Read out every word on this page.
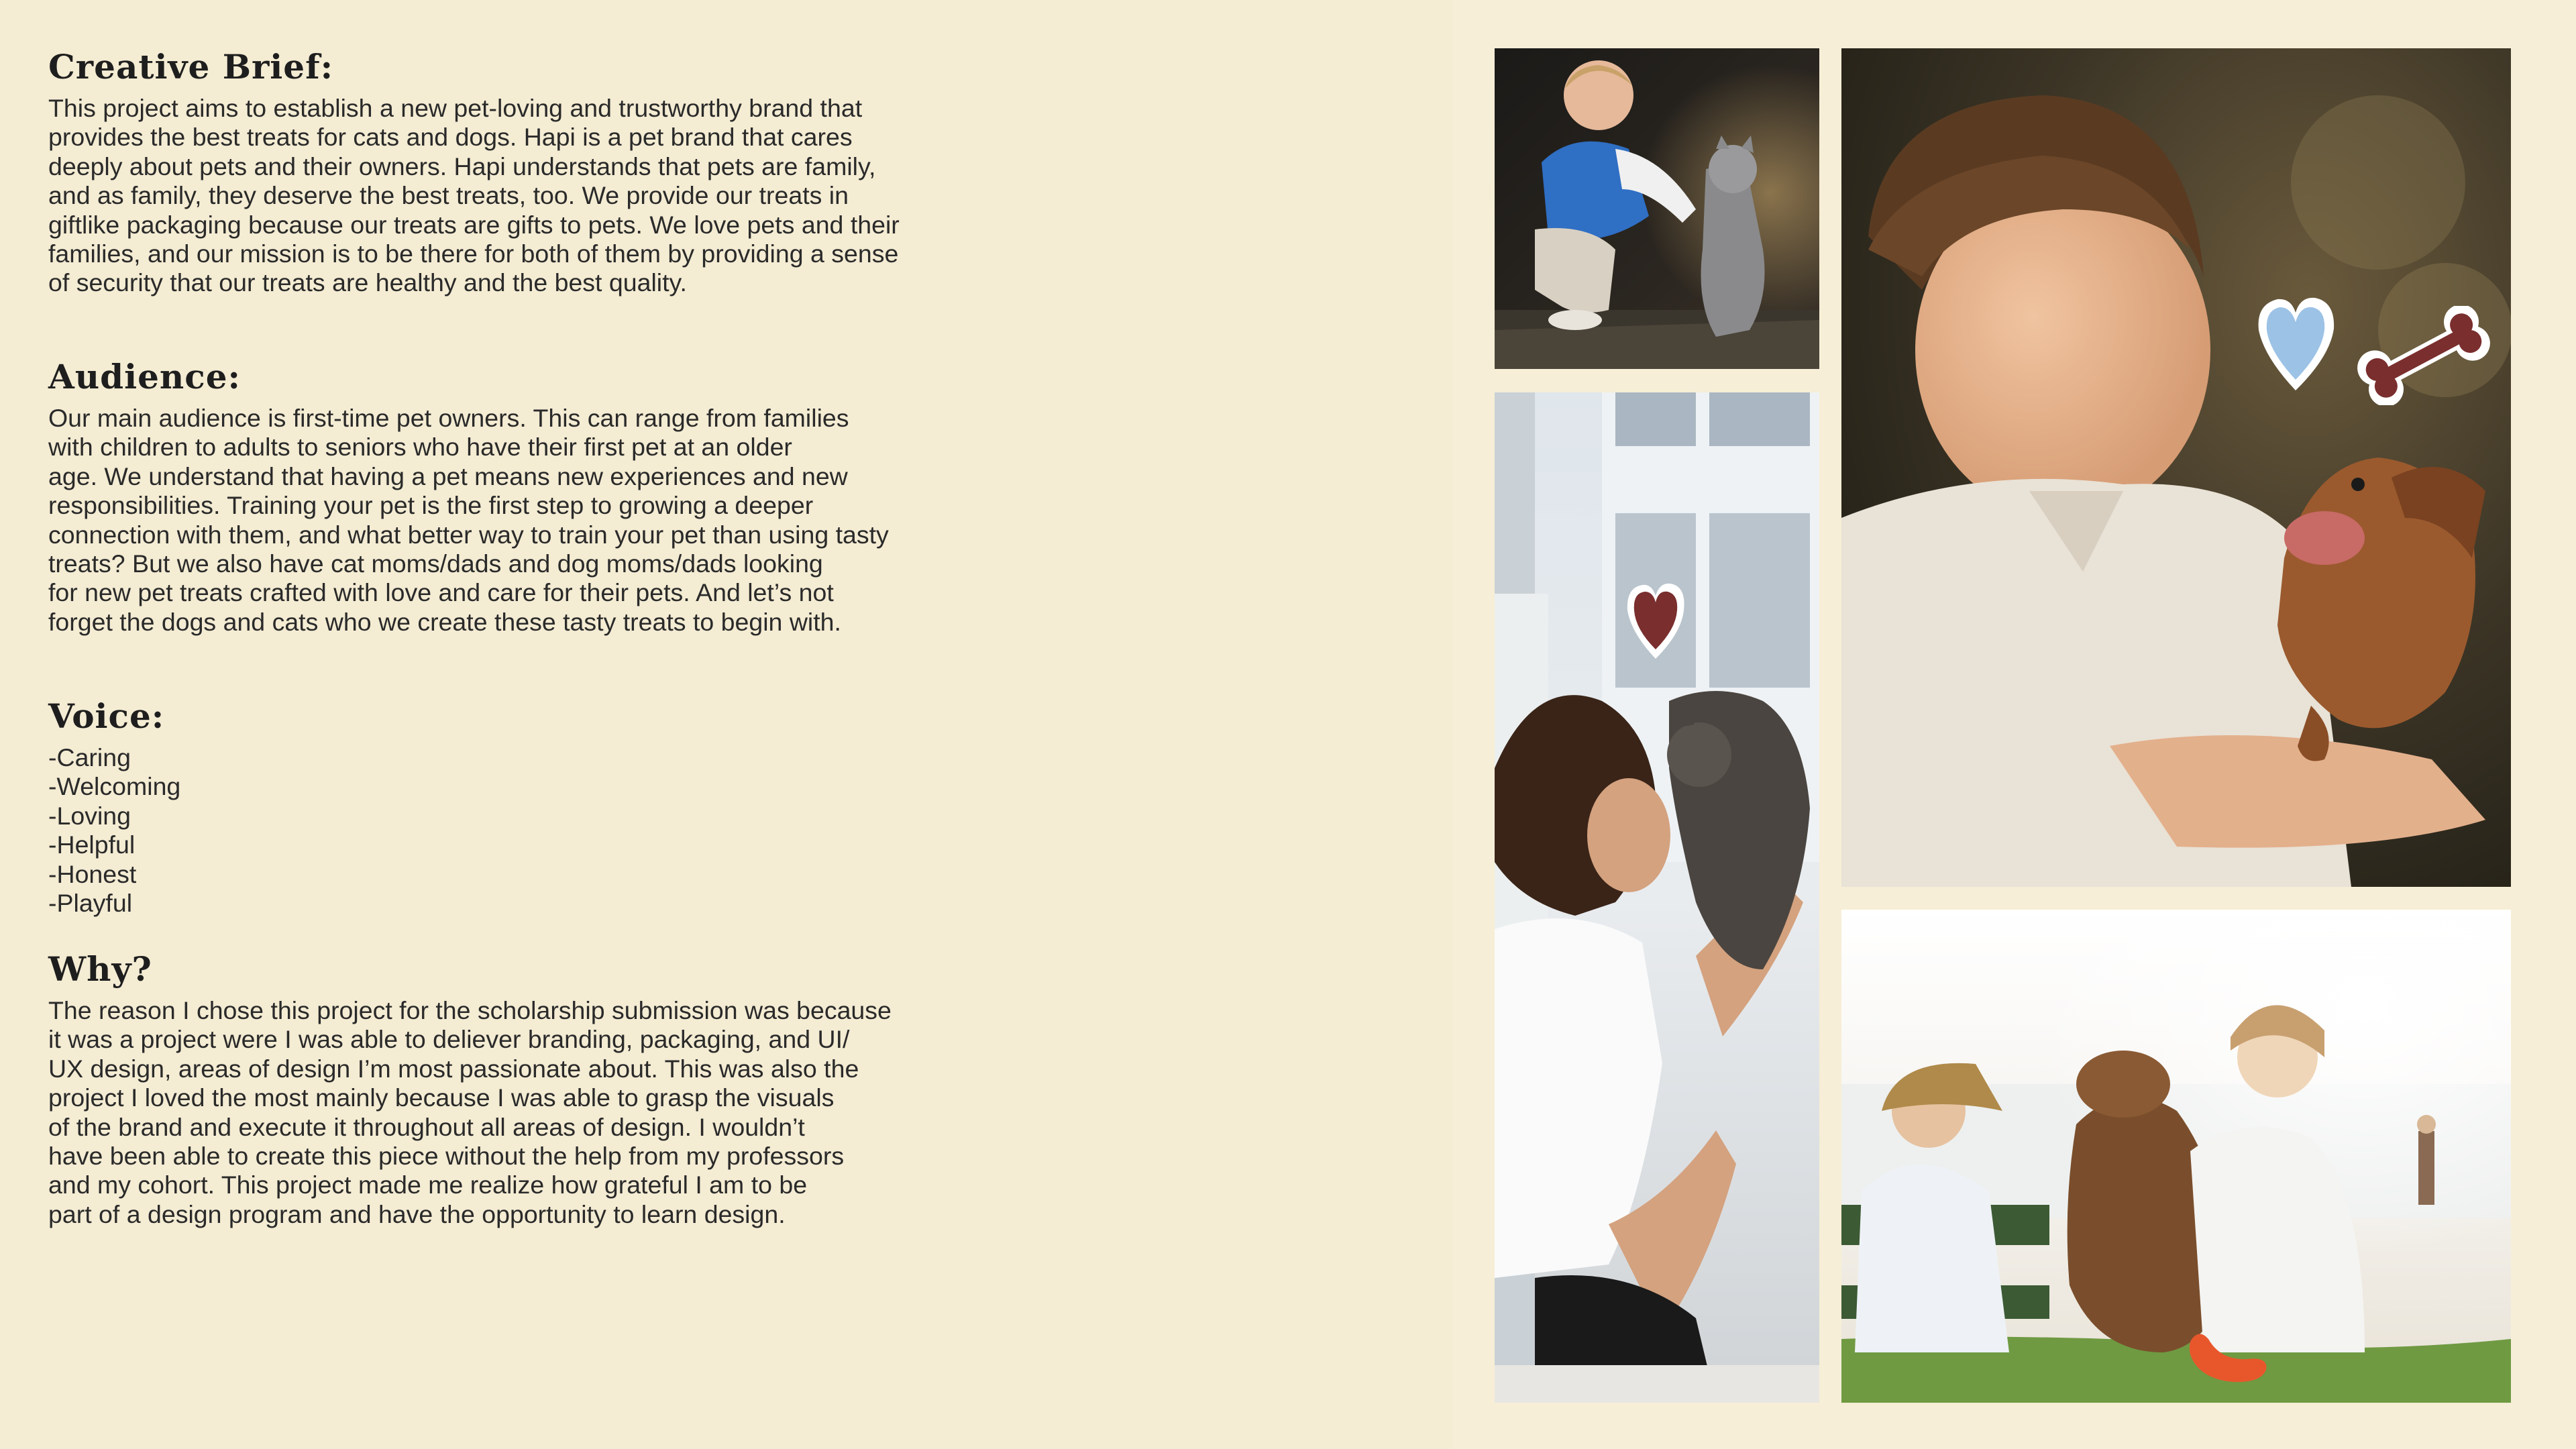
Creative Brief:

This project aims to establish a new pet-loving and trustworthy brand that
provides the best treats for cats and dogs. Hapi is a pet brand that cares
deeply about pets and their owners. Hapi understands that pets are family,
and as family, they deserve the best treats, too. We provide our treats in
giftlike packaging because our treats are gifts to pets. We love pets and their
families, and our mission is to be there for both of them by providing a sense
of security that our treats are healthy and the best quality.

Audience:

Our main audience is first-time pet owners. This can range from families
with children to adults to seniors who have their first pet at an older
age. We understand that having a pet means new experiences and new
responsibilities. Training your pet is the first step to growing a deeper
connection with them, and what better way to train your pet than using tasty
treats? But we also have cat moms/dads and dog moms/dads looking
for new pet treats crafted with love and care for their pets. And let’s not
forget the dogs and cats who we create these tasty treats to begin with.

Voice:
-Caring
-Welcoming
-Loving
-Helpful
-Honest
-Playful
Why?

The reason I chose this project for the scholarship submission was because
it was a project were I was able to deliever branding, packaging, and UI/
UX design, areas of design I’m most passionate about. This was also the
project I loved the most mainly because I was able to grasp the visuals
of the brand and execute it throughout all areas of design. I wouldn’t
have been able to create this piece without the help from my professors
and my cohort. This project made me realize how grateful I am to be
part of a design program and have the opportunity to learn design.
